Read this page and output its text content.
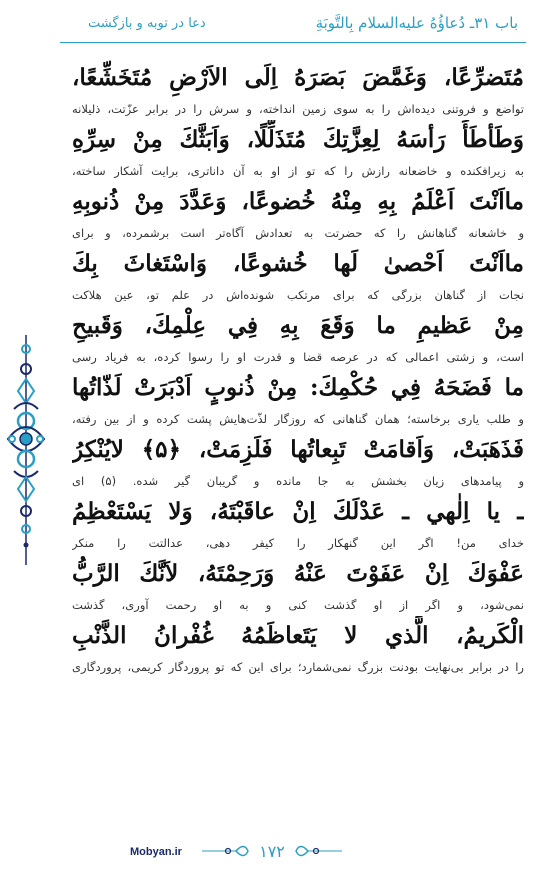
باب ۳۱ـ دُعاؤُهُ عليه‌السلام بِالتَّوبَةِ
دعا در توبه و بازگشت
مُتَضرِّعًا، وَغَمَّضَ بَصَرَهُ اِلَى الاَرْضِ مُتَخَشِّعًا،
تواضع و فروتنی دیده‌اش را به سوی زمین انداخته، و سرش را در برابر عزّتت، ذلیلانه
وَطَأطَأَ رَأسَهُ لِعِزَّتِكَ مُتَذَلِّلًا، وَاَبَثَّكَ مِنْ سِرِّهِ
به زیرافکنده و خاضعانه رازش را که تو از او به آن داناتری، برایت آشکار ساخته،
مااَنْتَ اَعْلَمُ بِهِ مِنْهُ خُضوعًا، وَعَدَّدَ مِنْ ذُنوبِهِ
و خاشعانه گناهانش را که حضرتت به تعدادش آگاه‌تر است برشمرده، و برای
مااَنْتَ اَحْصىٰ لَها خُشوعًا، وَاسْتَغاثَ بِكَ
نجات از گناهان بزرگی که برای مرتکب شونده‌اش در علم تو، عین هلاکت
مِنْ عَظيمِ ما وَقَعَ بِهِ فِي عِلْمِكَ، وَقَبيحِ
است، و زشتی اعمالی که در عرصه قضا و قدرت او را رسوا کرده، به فریاد رسی
ما فَضَحَهُ فِي حُكْمِكَ: مِنْ ذُنوبٍ اَدْبَرَتْ لَذّاتُها
و طلب یاری برخاسته؛ همان گناهانی که روزگار لذّت‌هایش پشت کرده و از بین رفته،
فَذَهَبَتْ، وَاَقامَتْ تَبِعاتُها فَلَزِمَتْ، ﴿۵﴾ لايُنْكِرُ
و پیامدهای زیان بخشش به جا مانده و گریبان گیر شده. (۵) ای
ـ يا اِلٰهي ـ عَدْلَكَ اِنْ عاقَبْتَهُ، وَلا يَسْتَعْظِمُ
خدای من! اگر این گنهکار را کیفر دهی، عدالتت را منکر
عَفْوَكَ اِنْ عَفَوْتَ عَنْهُ وَرَحِمْتَهُ، لاَنَّكَ الرَّبُّ
نمی‌شود، و اگر از او گذشت کنی و به او رحمت آوری، گذشت
الْكَريمُ، الَّذي لا يَتَعاظَمُهُ غُفْرانُ الذَّنْبِ
را در برابر بی‌نهایت بودنت بزرگ نمی‌شمارد؛ برای این که تو پروردگار کریمی، پروردگاری
Mobyan.ir	۱۷۲
